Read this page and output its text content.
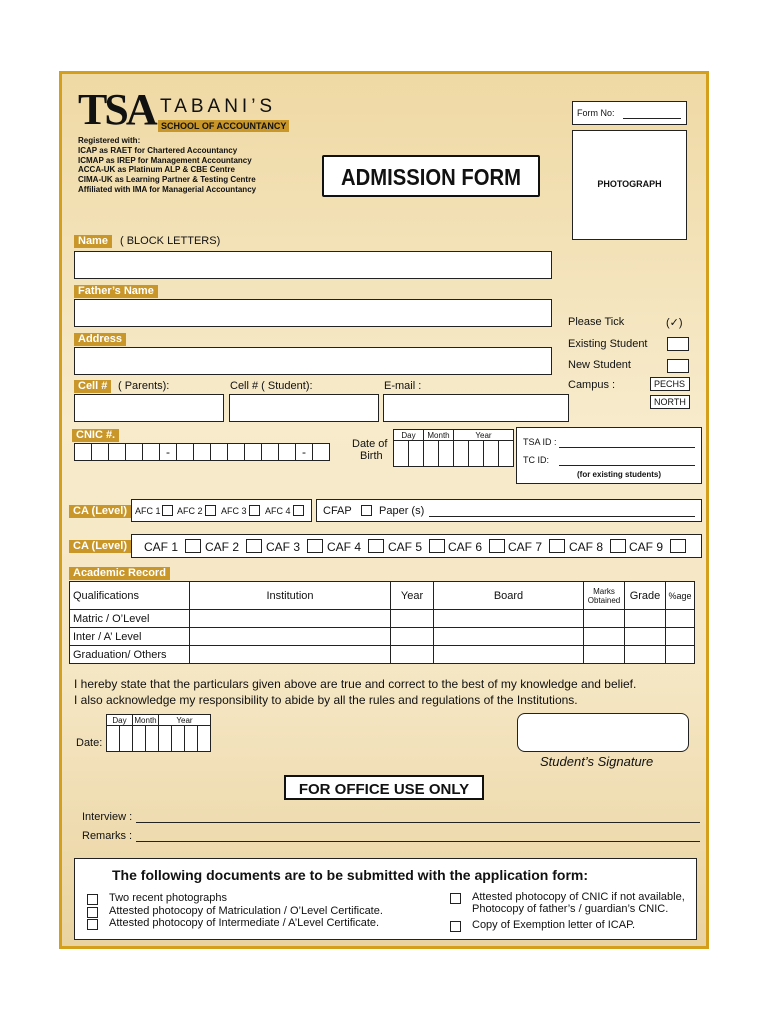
TSA TABANI’S
SCHOOL OF ACCOUNTANCY
Registered with:
ICAP as RAET for Chartered Accountancy
ICMAP as IREP for Management Accountancy
ACCA-UK as Platinum ALP & CBE Centre
CIMA-UK as Learning Partner & Testing Centre
Affiliated with IMA for Managerial Accountancy	ADMISSION FORM
Form No:
PHOTOGRAPH
Name	( BLOCK LETTERS)
Father’s Name
Address
Please Tick	(✓)
Existing Student
New Student
Campus :	PECHS
NORTH
Cell # ( Parents):	Cell # ( Student):	E-mail :
CNIC #.
					-								-	
Date of
Birth
Day		Month		Year			

TSA ID :
TC ID:
(for existing students)
CA (Level) AFC 1 AFC 2 AFC 3 AFC 4	CFAP Paper (s)
CA (Level)	CAF 1 CAF 2 CAF 3 CAF 4 CAF 5 CAF 6 CAF 7 CAF 8 CAF 9
Academic Record
Qualifications	Institution	Year	Board	Marks Obtained	Grade	%age
Matric / O’Level						
Inter / A’ Level						
Graduation/ Others						
I hereby state that the particulars given above are true and correct to the best of my knowledge and belief.
I also acknowledge my responsibility to abide by all the rules and regulations of the Institutions.
Date:
Day		Month		Year			

Student’s Signature
FOR OFFICE USE ONLY
Interview :
Remarks :
The following documents are to be submitted with the application form:
Two recent photographs
Attested photocopy of Matriculation / O’Level Certificate.
Attested photocopy of Intermediate / A’Level Certificate.
Attested photocopy of CNIC if not available,
Photocopy of father’s / guardian’s CNIC.
Copy of Exemption letter of ICAP.
